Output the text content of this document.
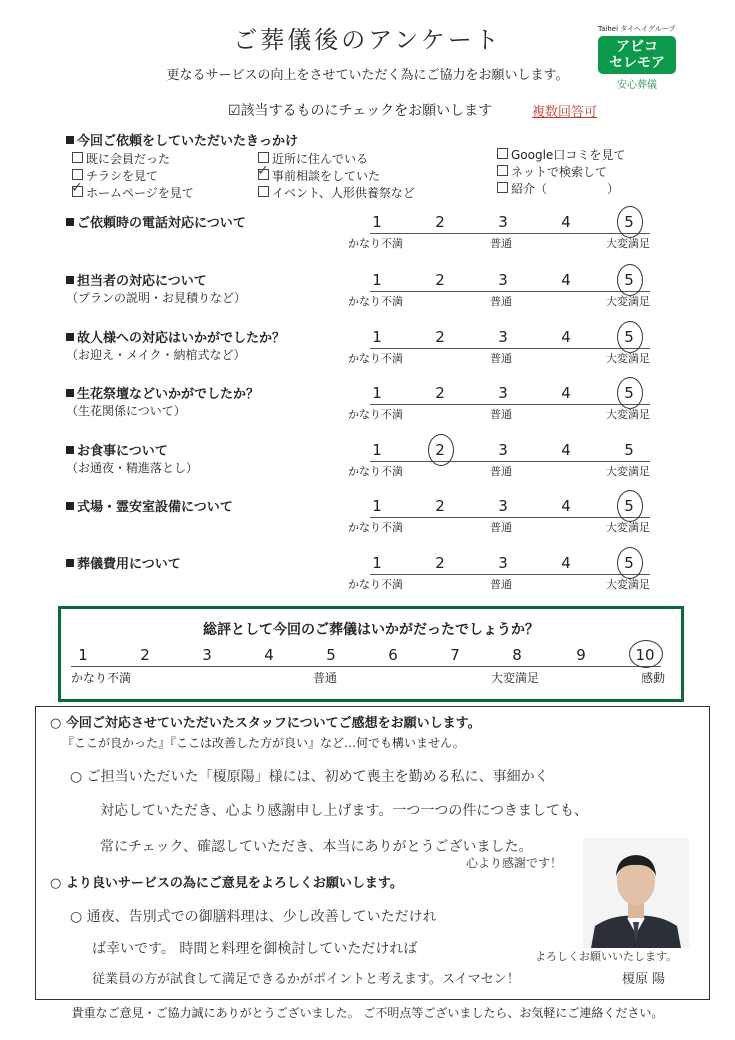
ご葬儀後のアンケート	Taihei タイヘイグループ
アビコ
セレモア
安心葬儀
更なるサービスの向上をさせていただく為にご協力をお願いします。
☑該当するものにチェックをお願いします	複数回答可
今回ご依頼をしていただいたきっかけ
既に会員だった
チラシを見て
ホームページを見て
近所に住んでいる
事前相談をしていた
イベント、人形供養祭など
Google口コミを見て
ネットで検索して
紹介（　　　　　）
✓
✓
ご依頼時の電話対応について	1	2	3	4	5
かなり不満	普通	大変満足
担当者の対応について
（プランの説明・お見積りなど）
1	2	3	4	5
かなり不満	普通	大変満足
故人様への対応はいかがでしたか？
（お迎え・メイク・納棺式など）
1	2	3	4	5
かなり不満	普通	大変満足
生花祭壇などいかがでしたか？
（生花関係について）
1	2	3	4	5
かなり不満	普通	大変満足
お食事について
（お通夜・精進落とし）
1	2	3	4	5
かなり不満	普通	大変満足
式場・霊安室設備について	1	2	3	4	5
かなり不満	普通	大変満足
葬儀費用について	1	2	3	4	5
かなり不満	普通	大変満足
総評として今回のご葬儀はいかがだったでしょうか？
1	2	3	4	5	6	7	8	9	10
かなり不満	普通	大変満足	感動
○ 今回ご対応させていただいたスタッフについてご感想をお願いします。
『ここが良かった』『ここは改善した方が良い』など…何でも構いません。
○ ご担当いただいた「榎原陽」様には、初めて喪主を勤める私に、事細かく
対応していただき、心より感謝申し上げます。一つ一つの件につきましても、
常にチェック、確認していただき、本当にありがとうございました。
心より感謝です！
○ より良いサービスの為にご意見をよろしくお願いします。
○ 通夜、告別式での御膳料理は、少し改善していただけれ
ば幸いです。 時間と料理を御検討していただければ
従業員の方が試食して満足できるかがポイントと考えます。スイマセン！
よろしくお願いいたします。
榎原 陽
貴重なご意見・ご協力誠にありがとうございました。 ご不明点等ございましたら、お気軽にご連絡ください。
